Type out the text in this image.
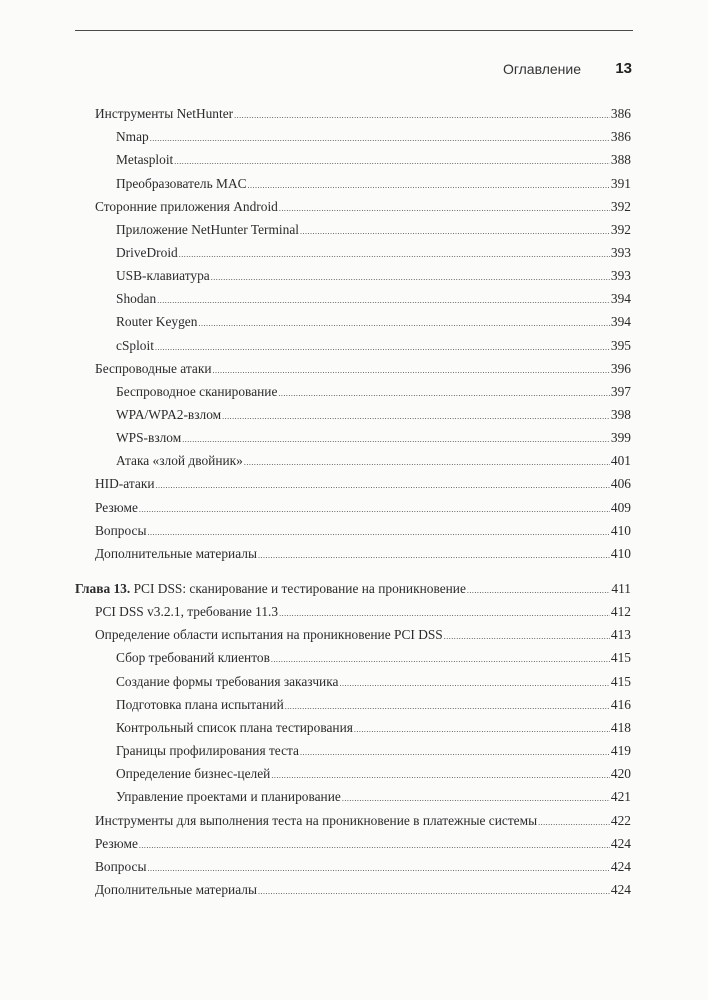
Оглавление 13
Инструменты NetHunter .....	386
Nmap .....	386
Metasploit .....	388
Преобразователь MAC .....	391
Сторонние приложения Android .....	392
Приложение NetHunter Terminal .....	392
DriveDroid .....	393
USB-клавиатура .....	393
Shodan .....	394
Router Keygen .....	394
cSploit .....	395
Беспроводные атаки .....	396
Беспроводное сканирование .....	397
WPA/WPA2-взлом .....	398
WPS-взлом .....	399
Атака «злой двойник» .....	401
HID-атаки .....	406
Резюме .....	409
Вопросы .....	410
Дополнительные материалы .....	410
Глава 13. PCI DSS: сканирование и тестирование на проникновение .....	411
PCI DSS v3.2.1, требование 11.3 .....	412
Определение области испытания на проникновение PCI DSS .....	413
Сбор требований клиентов .....	415
Создание формы требования заказчика .....	415
Подготовка плана испытаний .....	416
Контрольный список плана тестирования .....	418
Границы профилирования теста .....	419
Определение бизнес-целей .....	420
Управление проектами и планирование .....	421
Инструменты для выполнения теста на проникновение в платежные системы .....	422
Резюме .....	424
Вопросы .....	424
Дополнительные материалы .....	424
